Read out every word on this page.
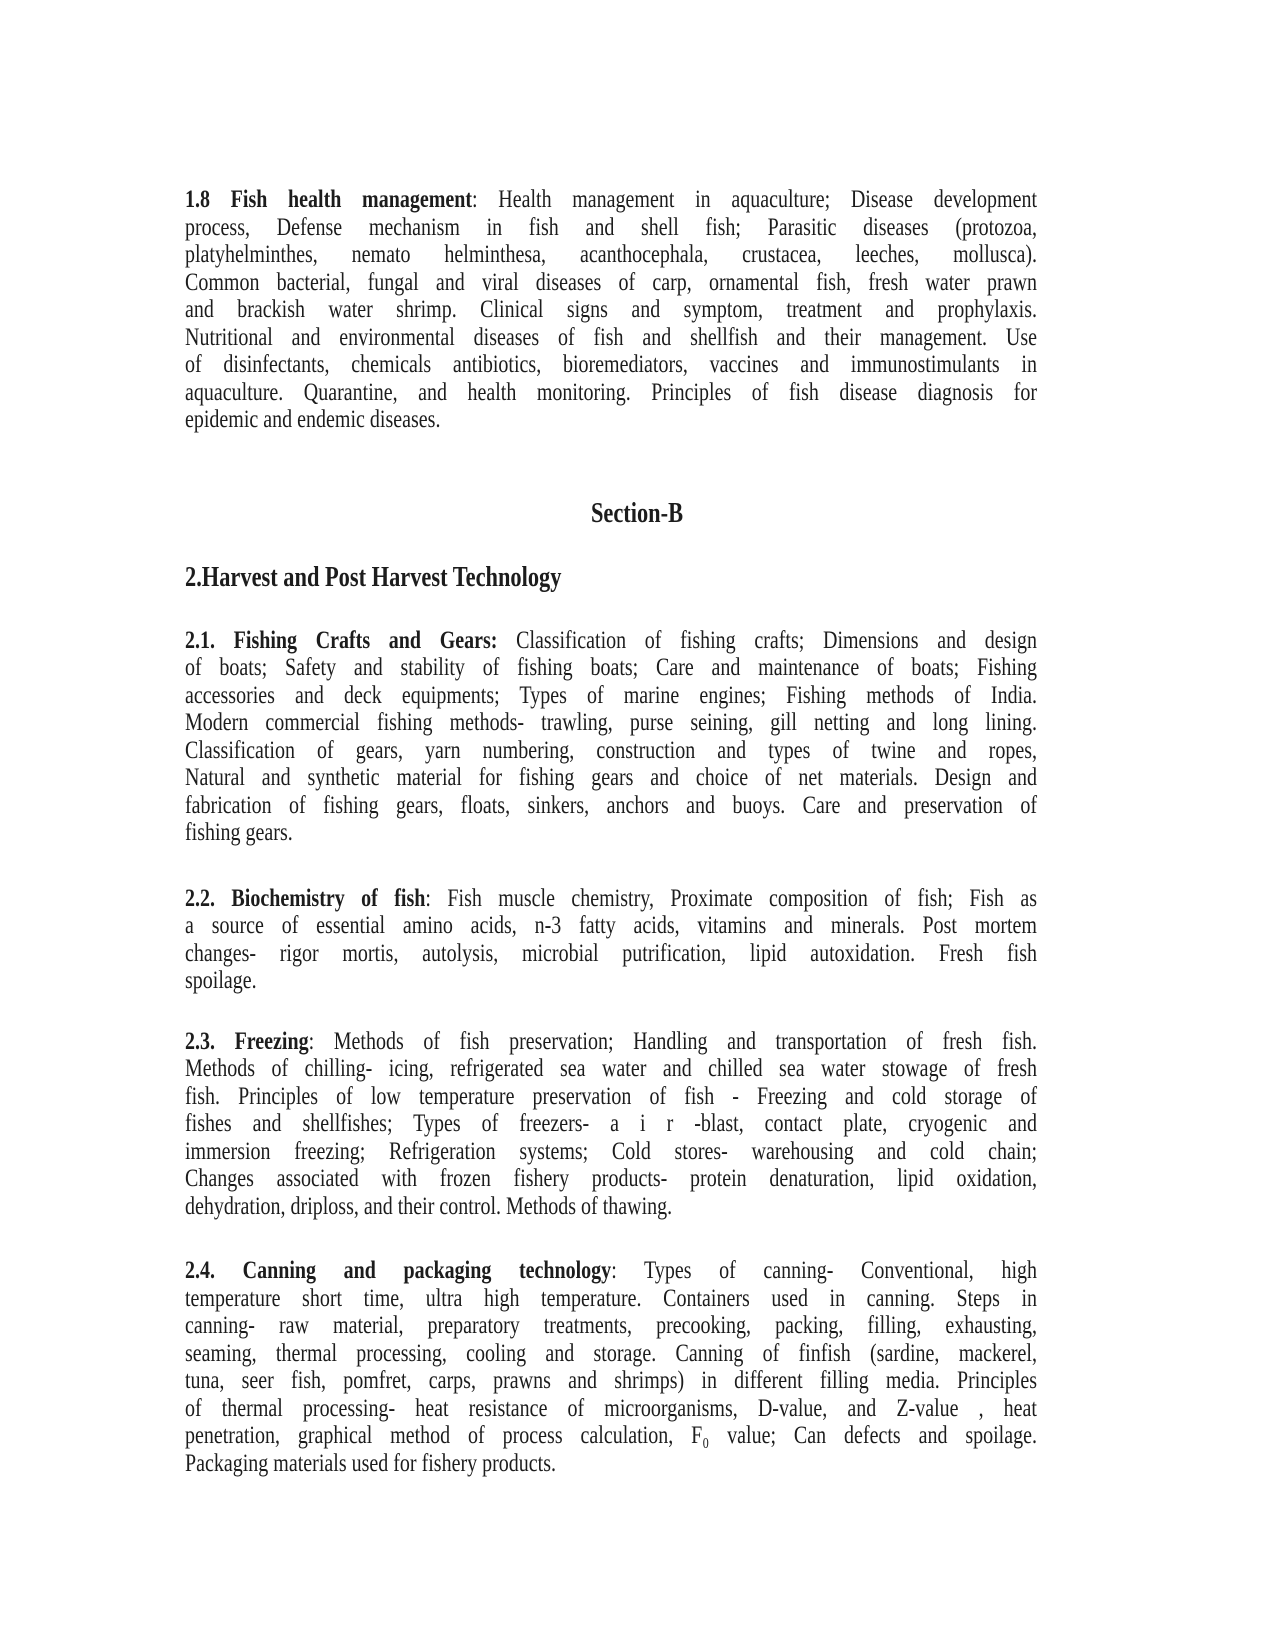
1.8 Fish health management: Health management in aquaculture; Disease development
process, Defense mechanism in fish and shell fish; Parasitic diseases (protozoa,
platyhelminthes, nemato helminthesa, acanthocephala, crustacea, leeches, mollusca).
Common bacterial, fungal and viral diseases of carp, ornamental fish, fresh water prawn
and brackish water shrimp. Clinical signs and symptom, treatment and prophylaxis.
Nutritional and environmental diseases of fish and shellfish and their management. Use
of disinfectants, chemicals antibiotics, bioremediators, vaccines and immunostimulants in
aquaculture. Quarantine, and health monitoring. Principles of fish disease diagnosis for
epidemic and endemic diseases.
Section-B
2.Harvest and Post Harvest Technology
2.1. Fishing Crafts and Gears: Classification of fishing crafts; Dimensions and design
of boats; Safety and stability of fishing boats; Care and maintenance of boats; Fishing
accessories and deck equipments; Types of marine engines; Fishing methods of India.
Modern commercial fishing methods- trawling, purse seining, gill netting and long lining.
Classification of gears, yarn numbering, construction and types of twine and ropes,
Natural and synthetic material for fishing gears and choice of net materials. Design and
fabrication of fishing gears, floats, sinkers, anchors and buoys. Care and preservation of
fishing gears.
2.2. Biochemistry of fish: Fish muscle chemistry, Proximate composition of fish; Fish as
a source of essential amino acids, n-3 fatty acids, vitamins and minerals. Post mortem
changes- rigor mortis, autolysis, microbial putrification, lipid autoxidation. Fresh fish
spoilage.
2.3. Freezing: Methods of fish preservation; Handling and transportation of fresh fish.
Methods of chilling- icing, refrigerated sea water and chilled sea water stowage of fresh
fish. Principles of low temperature preservation of fish - Freezing and cold storage of
fishes and shellfishes; Types of freezers- a i r -blast, contact plate, cryogenic and
immersion freezing; Refrigeration systems; Cold stores- warehousing and cold chain;
Changes associated with frozen fishery products- protein denaturation, lipid oxidation,
dehydration, driploss, and their control. Methods of thawing.
2.4. Canning and packaging technology: Types of canning- Conventional, high
temperature short time, ultra high temperature. Containers used in canning. Steps in
canning- raw material, preparatory treatments, precooking, packing, filling, exhausting,
seaming, thermal processing, cooling and storage. Canning of finfish (sardine, mackerel,
tuna, seer fish, pomfret, carps, prawns and shrimps) in different filling media. Principles
of thermal processing- heat resistance of microorganisms, D-value, and Z-value , heat
penetration, graphical method of process calculation, F₀ value; Can defects and spoilage.
Packaging materials used for fishery products.
